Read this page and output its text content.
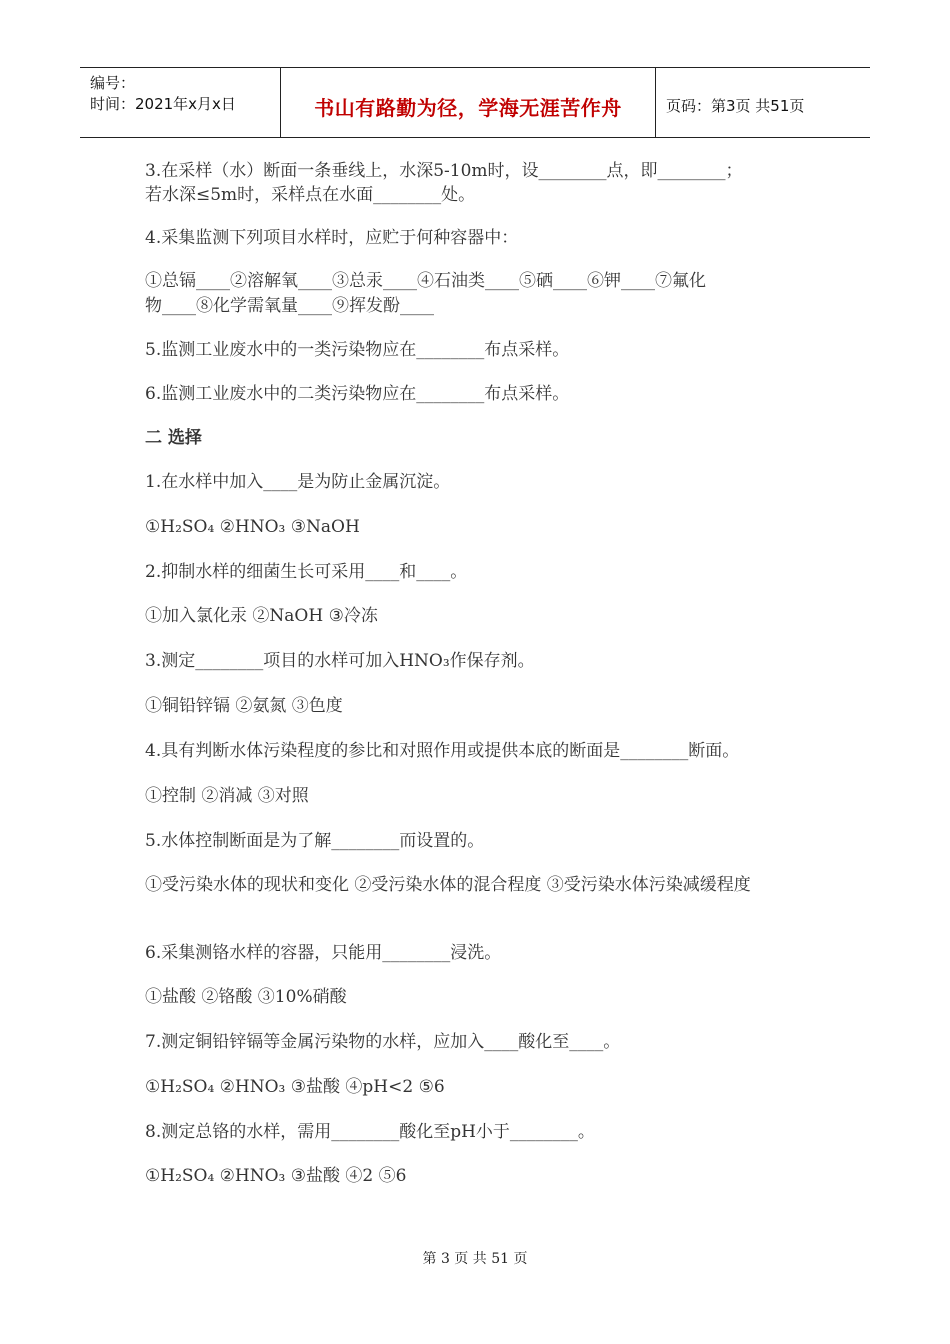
编号：
时间：2021年x月x日	书山有路勤为径，学海无涯苦作舟	页码：第3页 共51页
3.在采样（水）断面一条垂线上，水深5-10m时，设________点，即________；
若水深≤5m时，采样点在水面________处。
4.采集监测下列项目水样时，应贮于何种容器中：
①总镉____②溶解氧____③总汞____④石油类____⑤硒____⑥钾____⑦氟化
物____⑧化学需氧量____⑨挥发酚____
5.监测工业废水中的一类污染物应在________布点采样。
6.监测工业废水中的二类污染物应在________布点采样。
二 选择
1.在水样中加入____是为防止金属沉淀。
①H₂SO₄ ②HNO₃ ③NaOH
2.抑制水样的细菌生长可采用____和____。
①加入氯化汞 ②NaOH ③冷冻
3.测定________项目的水样可加入HNO₃作保存剂。
①铜铅锌镉 ②氨氮 ③色度
4.具有判断水体污染程度的参比和对照作用或提供本底的断面是________断面。
①控制 ②消减 ③对照
5.水体控制断面是为了解________而设置的。
①受污染水体的现状和变化 ②受污染水体的混合程度 ③受污染水体污染减缓程度
6.采集测铬水样的容器，只能用________浸洗。
①盐酸 ②铬酸 ③10%硝酸
7.测定铜铅锌镉等金属污染物的水样，应加入____酸化至____。
①H₂SO₄ ②HNO₃ ③盐酸 ④pH<2 ⑤6
8.测定总铬的水样，需用________酸化至pH小于________。
①H₂SO₄ ②HNO₃ ③盐酸 ④2 ⑤6
第 3 页 共 51 页
